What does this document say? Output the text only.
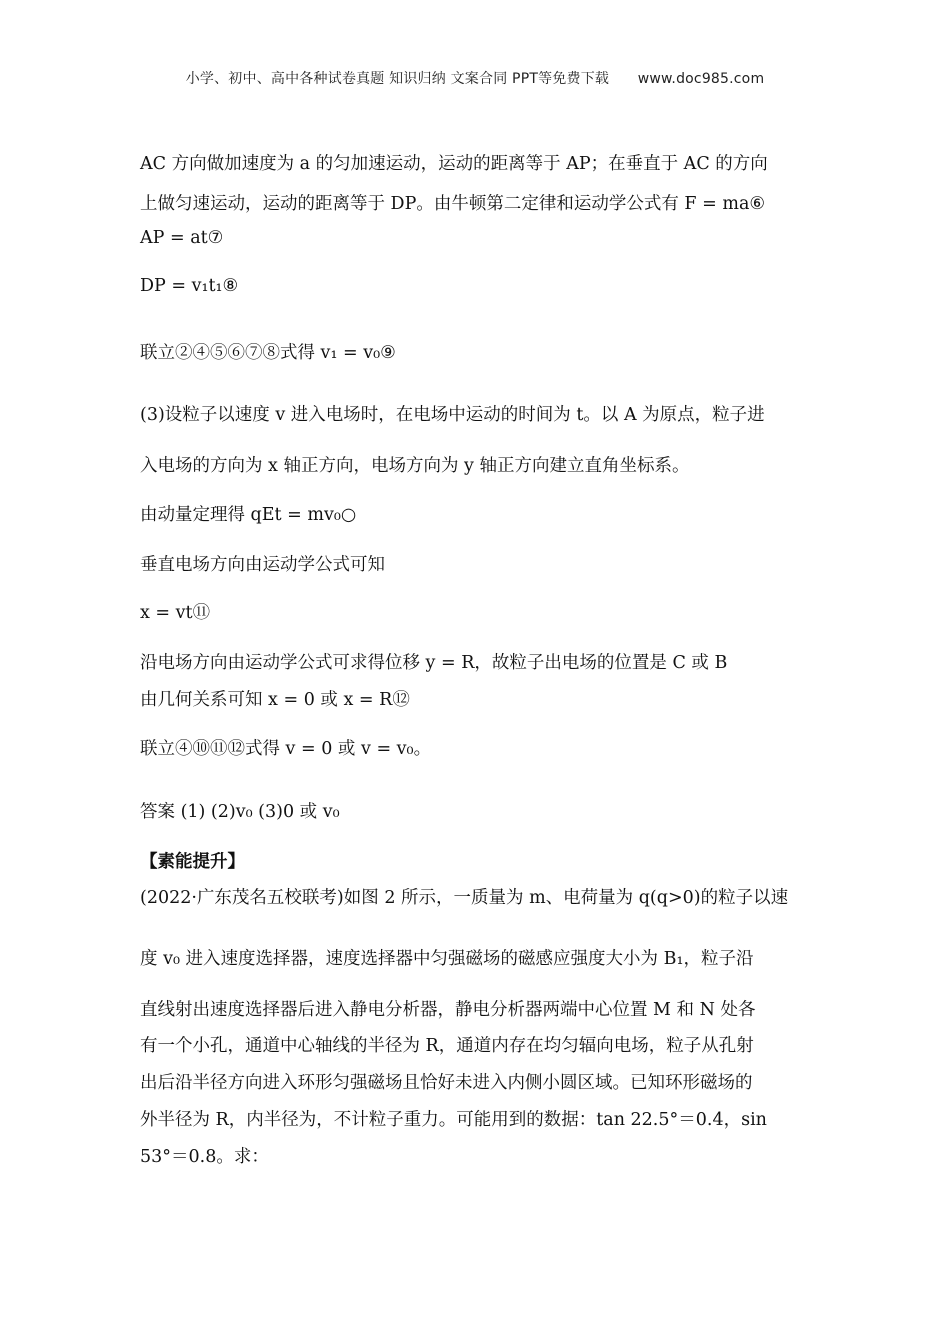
小学、初中、高中各种试卷真题 知识归纳 文案合同 PPT等免费下载 www.doc985.com
AC 方向做加速度为 a 的匀加速运动，运动的距离等于 AP；在垂直于 AC 的方向
上做匀速运动，运动的距离等于 DP。由牛顿第二定律和运动学公式有 F = ma⑥
AP = at⑦
DP = v₁t₁⑧
联立②④⑤⑥⑦⑧式得 v₁ = v₀⑨
(3)设粒子以速度 v 进入电场时，在电场中运动的时间为 t。以 A 为原点，粒子进
入电场的方向为 x 轴正方向，电场方向为 y 轴正方向建立直角坐标系。
由动量定理得 qEt = mv₀○
垂直电场方向由运动学公式可知
x = vt⑪
沿电场方向由运动学公式可求得位移 y = R，故粒子出电场的位置是 C 或 B
由几何关系可知 x = 0 或 x = R⑫
联立④⑩⑪⑫式得 v = 0 或 v = v₀。
答案 (1) (2)v₀ (3)0 或 v₀
【素能提升】
(2022·广东茂名五校联考)如图 2 所示，一质量为 m、电荷量为 q(q>0)的粒子以速
度 v₀ 进入速度选择器，速度选择器中匀强磁场的磁感应强度大小为 B₁，粒子沿
直线射出速度选择器后进入静电分析器，静电分析器两端中心位置 M 和 N 处各
有一个小孔，通道中心轴线的半径为 R，通道内存在均匀辐向电场，粒子从孔射
出后沿半径方向进入环形匀强磁场且恰好未进入内侧小圆区域。已知环形磁场的
外半径为 R，内半径为，不计粒子重力。可能用到的数据：tan 22.5°＝0.4，sin
53°＝0.8。求：
